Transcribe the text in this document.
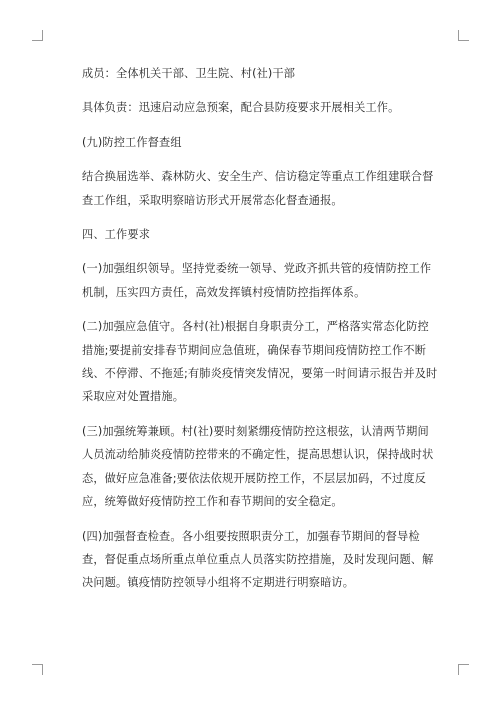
成员：全体机关干部、卫生院、村(社)干部

具体负责：迅速启动应急预案，配合县防疫要求开展相关工作。

(九)防控工作督查组

结合换届选举、森林防火、安全生产、信访稳定等重点工作组建联合督查工作组，采取明察暗访形式开展常态化督查通报。

四、工作要求

(一)加强组织领导。坚持党委统一领导、党政齐抓共管的疫情防控工作机制，压实四方责任，高效发挥镇村疫情防控指挥体系。

(二)加强应急值守。各村(社)根据自身职责分工，严格落实常态化防控措施;要提前安排春节期间应急值班，确保春节期间疫情防控工作不断线、不停滞、不拖延;有肺炎疫情突发情况，要第一时间请示报告并及时采取应对处置措施。

(三)加强统筹兼顾。村(社)要时刻紧绷疫情防控这根弦，认清两节期间人员流动给肺炎疫情防控带来的不确定性，提高思想认识，保持战时状态，做好应急准备;要依法依规开展防控工作，不层层加码，不过度反应，统筹做好疫情防控工作和春节期间的安全稳定。

(四)加强督查检查。各小组要按照职责分工，加强春节期间的督导检查，督促重点场所重点单位重点人员落实防控措施，及时发现问题、解决问题。镇疫情防控领导小组将不定期进行明察暗访。
